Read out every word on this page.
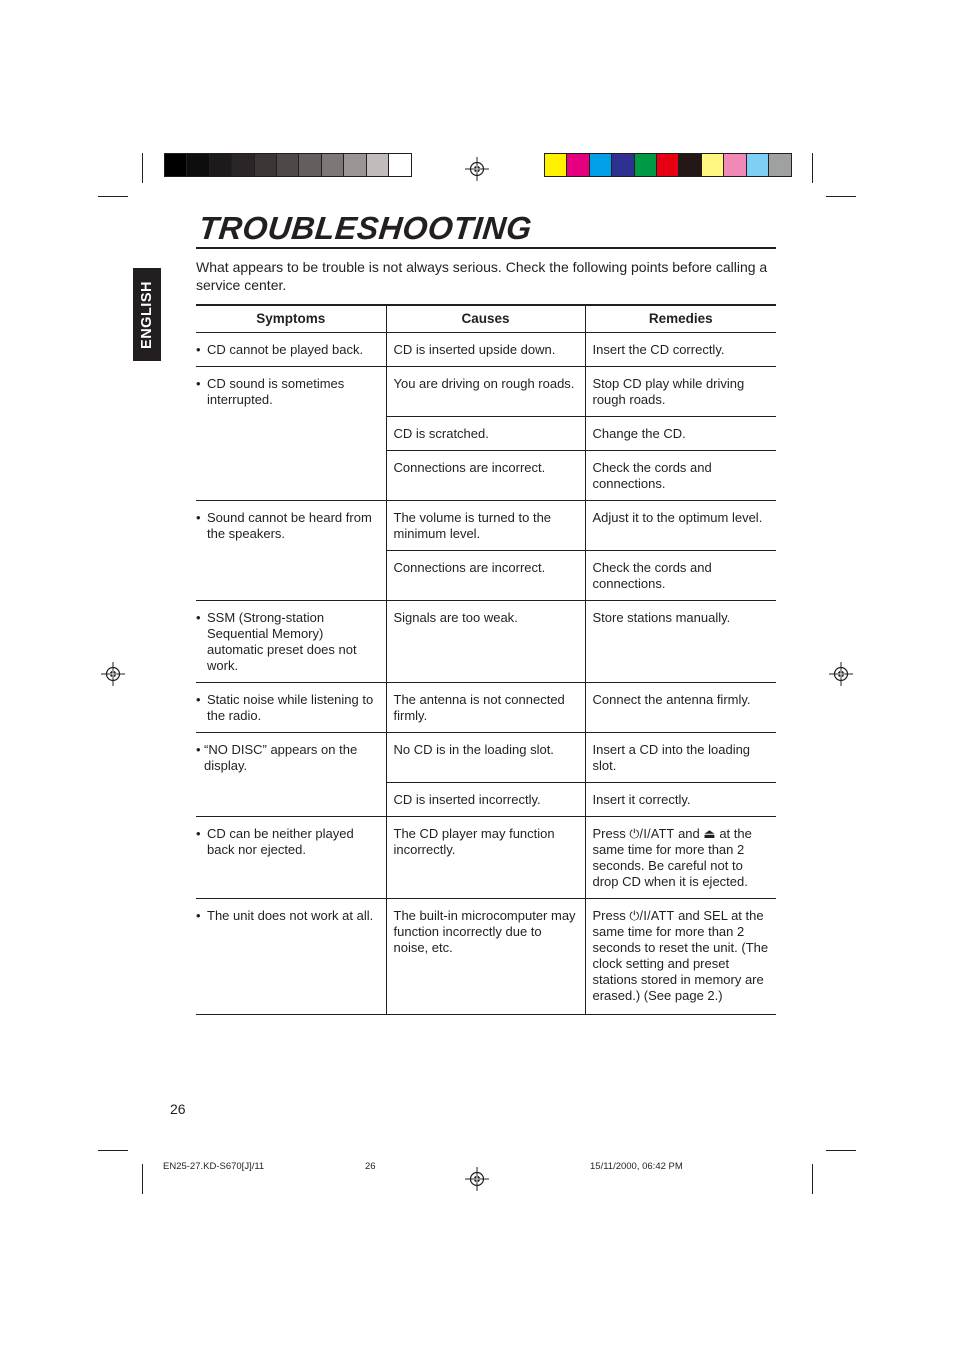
ENGLISH
TROUBLESHOOTING
What appears to be trouble is not always serious. Check the following points before calling a service center.
Symptoms	Causes	Remedies

• CD cannot be played back.	CD is inserted upside down.	Insert the CD correctly.

• CD sound is sometimes interrupted.	You are driving on rough roads.	Stop CD play while driving rough roads.
	CD is scratched.	Change the CD.
	Connections are incorrect.	Check the cords and connections.

• Sound cannot be heard from the speakers.	The volume is turned to the minimum level.	Adjust it to the optimum level.
	Connections are incorrect.	Check the cords and connections.

• SSM (Strong-station Sequential Memory) automatic preset does not work.	Signals are too weak.	Store stations manually.

• Static noise while listening to the radio.	The antenna is not connected firmly.	Connect the antenna firmly.

• “NO DISC” appears on the display.	No CD is in the loading slot.	Insert a CD into the loading slot.
	CD is inserted incorrectly.	Insert it correctly.

• CD can be neither played back nor ejected.	The CD player may function incorrectly.	Press ⏻/I/ATT and ⏏ at the same time for more than 2 seconds. Be careful not to drop CD when it is ejected.

• The unit does not work at all.	The built-in microcomputer may function incorrectly due to noise, etc.	Press ⏻/I/ATT and SEL at the same time for more than 2 seconds to reset the unit. (The clock setting and preset stations stored in memory are erased.) (See page 2.)
26
EN25-27.KD-S670[J]/11	26	15/11/2000, 06:42 PM
